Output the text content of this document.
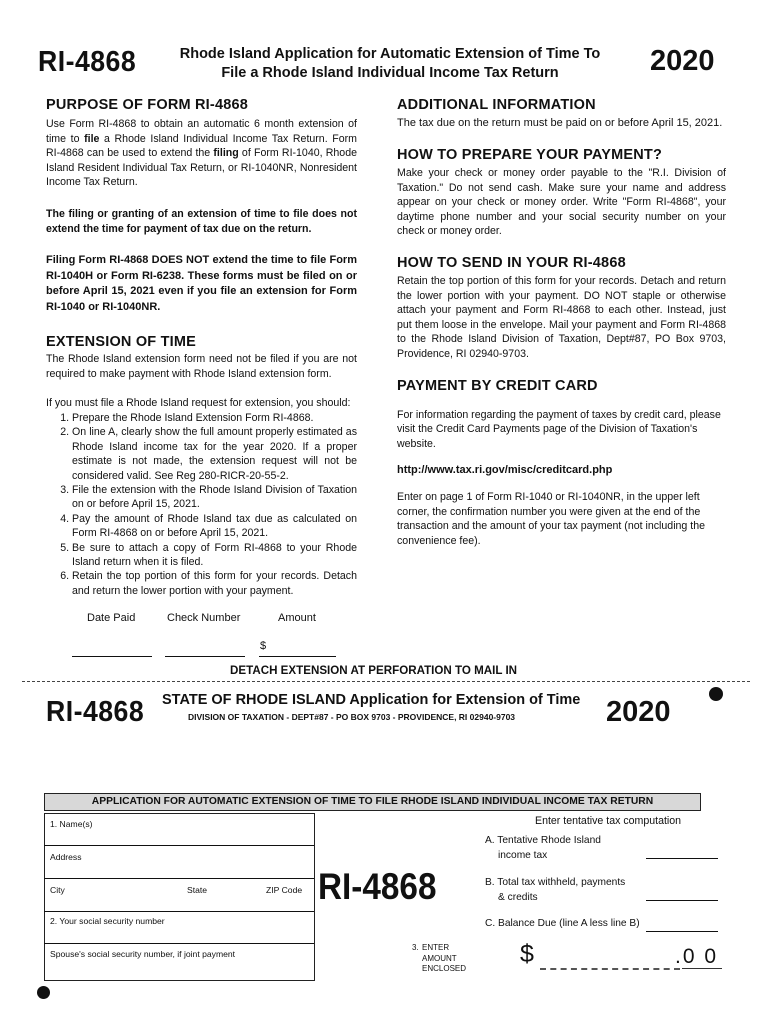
RI-4868	Rhode Island Application for Automatic Extension of Time To
File a Rhode Island Individual Income Tax Return	2020
PURPOSE OF FORM RI-4868

Use Form RI-4868 to obtain an automatic 6 month extension of time to file a Rhode Island Individual Income Tax Return. Form RI-4868 can be used to extend the filing of Form RI-1040, Rhode Island Resident Individual Tax Return, or RI-1040NR, Nonresident Income Tax Return.

The filing or granting of an extension of time to file does not extend the time for payment of tax due on the return.

Filing Form RI-4868 DOES NOT extend the time to file Form RI-1040H or Form RI-6238. These forms must be filed on or before April 15, 2021 even if you file an extension for Form RI-1040 or RI-1040NR.

EXTENSION OF TIME

The Rhode Island extension form need not be filed if you are not required to make payment with Rhode Island extension form.

If you must file a Rhode Island request for extension, you should:

1. Prepare the Rhode Island Extension Form RI-4868.
2. On line A, clearly show the full amount properly estimated as Rhode Island income tax for the year 2020. If a proper estimate is not made, the extension request will not be considered valid. See Reg 280-RICR-20-55-2.
3. File the extension with the Rhode Island Division of Taxation on or before April 15, 2021.
4. Pay the amount of Rhode Island tax due as calculated on Form RI-4868 on or before April 15, 2021.
5. Be sure to attach a copy of Form RI-4868 to your Rhode Island return when it is filed.
6. Retain the top portion of this form for your records. Detach and return the lower portion with your payment.
Date Paid	Check Number	Amount
$
ADDITIONAL INFORMATION

The tax due on the return must be paid on or before April 15, 2021.

HOW TO PREPARE YOUR PAYMENT?

Make your check or money order payable to the "R.I. Division of Taxation." Do not send cash. Make sure your name and address appear on your check or money order. Write "Form RI-4868", your daytime phone number and your social security number on your check or money order.

HOW TO SEND IN YOUR RI-4868

Retain the top portion of this form for your records. Detach and return the lower portion with your payment. DO NOT staple or otherwise attach your payment and Form RI-4868 to each other. Instead, just put them loose in the envelope. Mail your payment and Form RI-4868 to the Rhode Island Division of Taxation, Dept#87, PO Box 9703, Providence, RI 02940-9703.

PAYMENT BY CREDIT CARD

For information regarding the payment of taxes by credit card, please visit the Credit Card Payments page of the Division of Taxation's website.

http://www.tax.ri.gov/misc/creditcard.php

Enter on page 1 of Form RI-1040 or RI-1040NR, in the upper left corner, the confirmation number you were given at the end of the transaction and the amount of your tax payment (not including the convenience fee).

DETACH EXTENSION AT PERFORATION TO MAIL IN
RI-4868 STATE OF RHODE ISLAND Application for Extension of Time
DIVISION OF TAXATION - DEPT#87 - PO BOX 9703 - PROVIDENCE, RI 02940-9703	2020
APPLICATION FOR AUTOMATIC EXTENSION OF TIME TO FILE RHODE ISLAND INDIVIDUAL INCOME TAX RETURN
1. Name(s)
Address
City	State	ZIP Code
2. Your social security number
Spouse's social security number, if joint payment
RI-4868
3. ENTER AMOUNT ENCLOSED
$	.0 0
Enter tentative tax computation
A. Tentative Rhode Island
income tax
B. Total tax withheld, payments
& credits
C. Balance Due (line A less line B)
